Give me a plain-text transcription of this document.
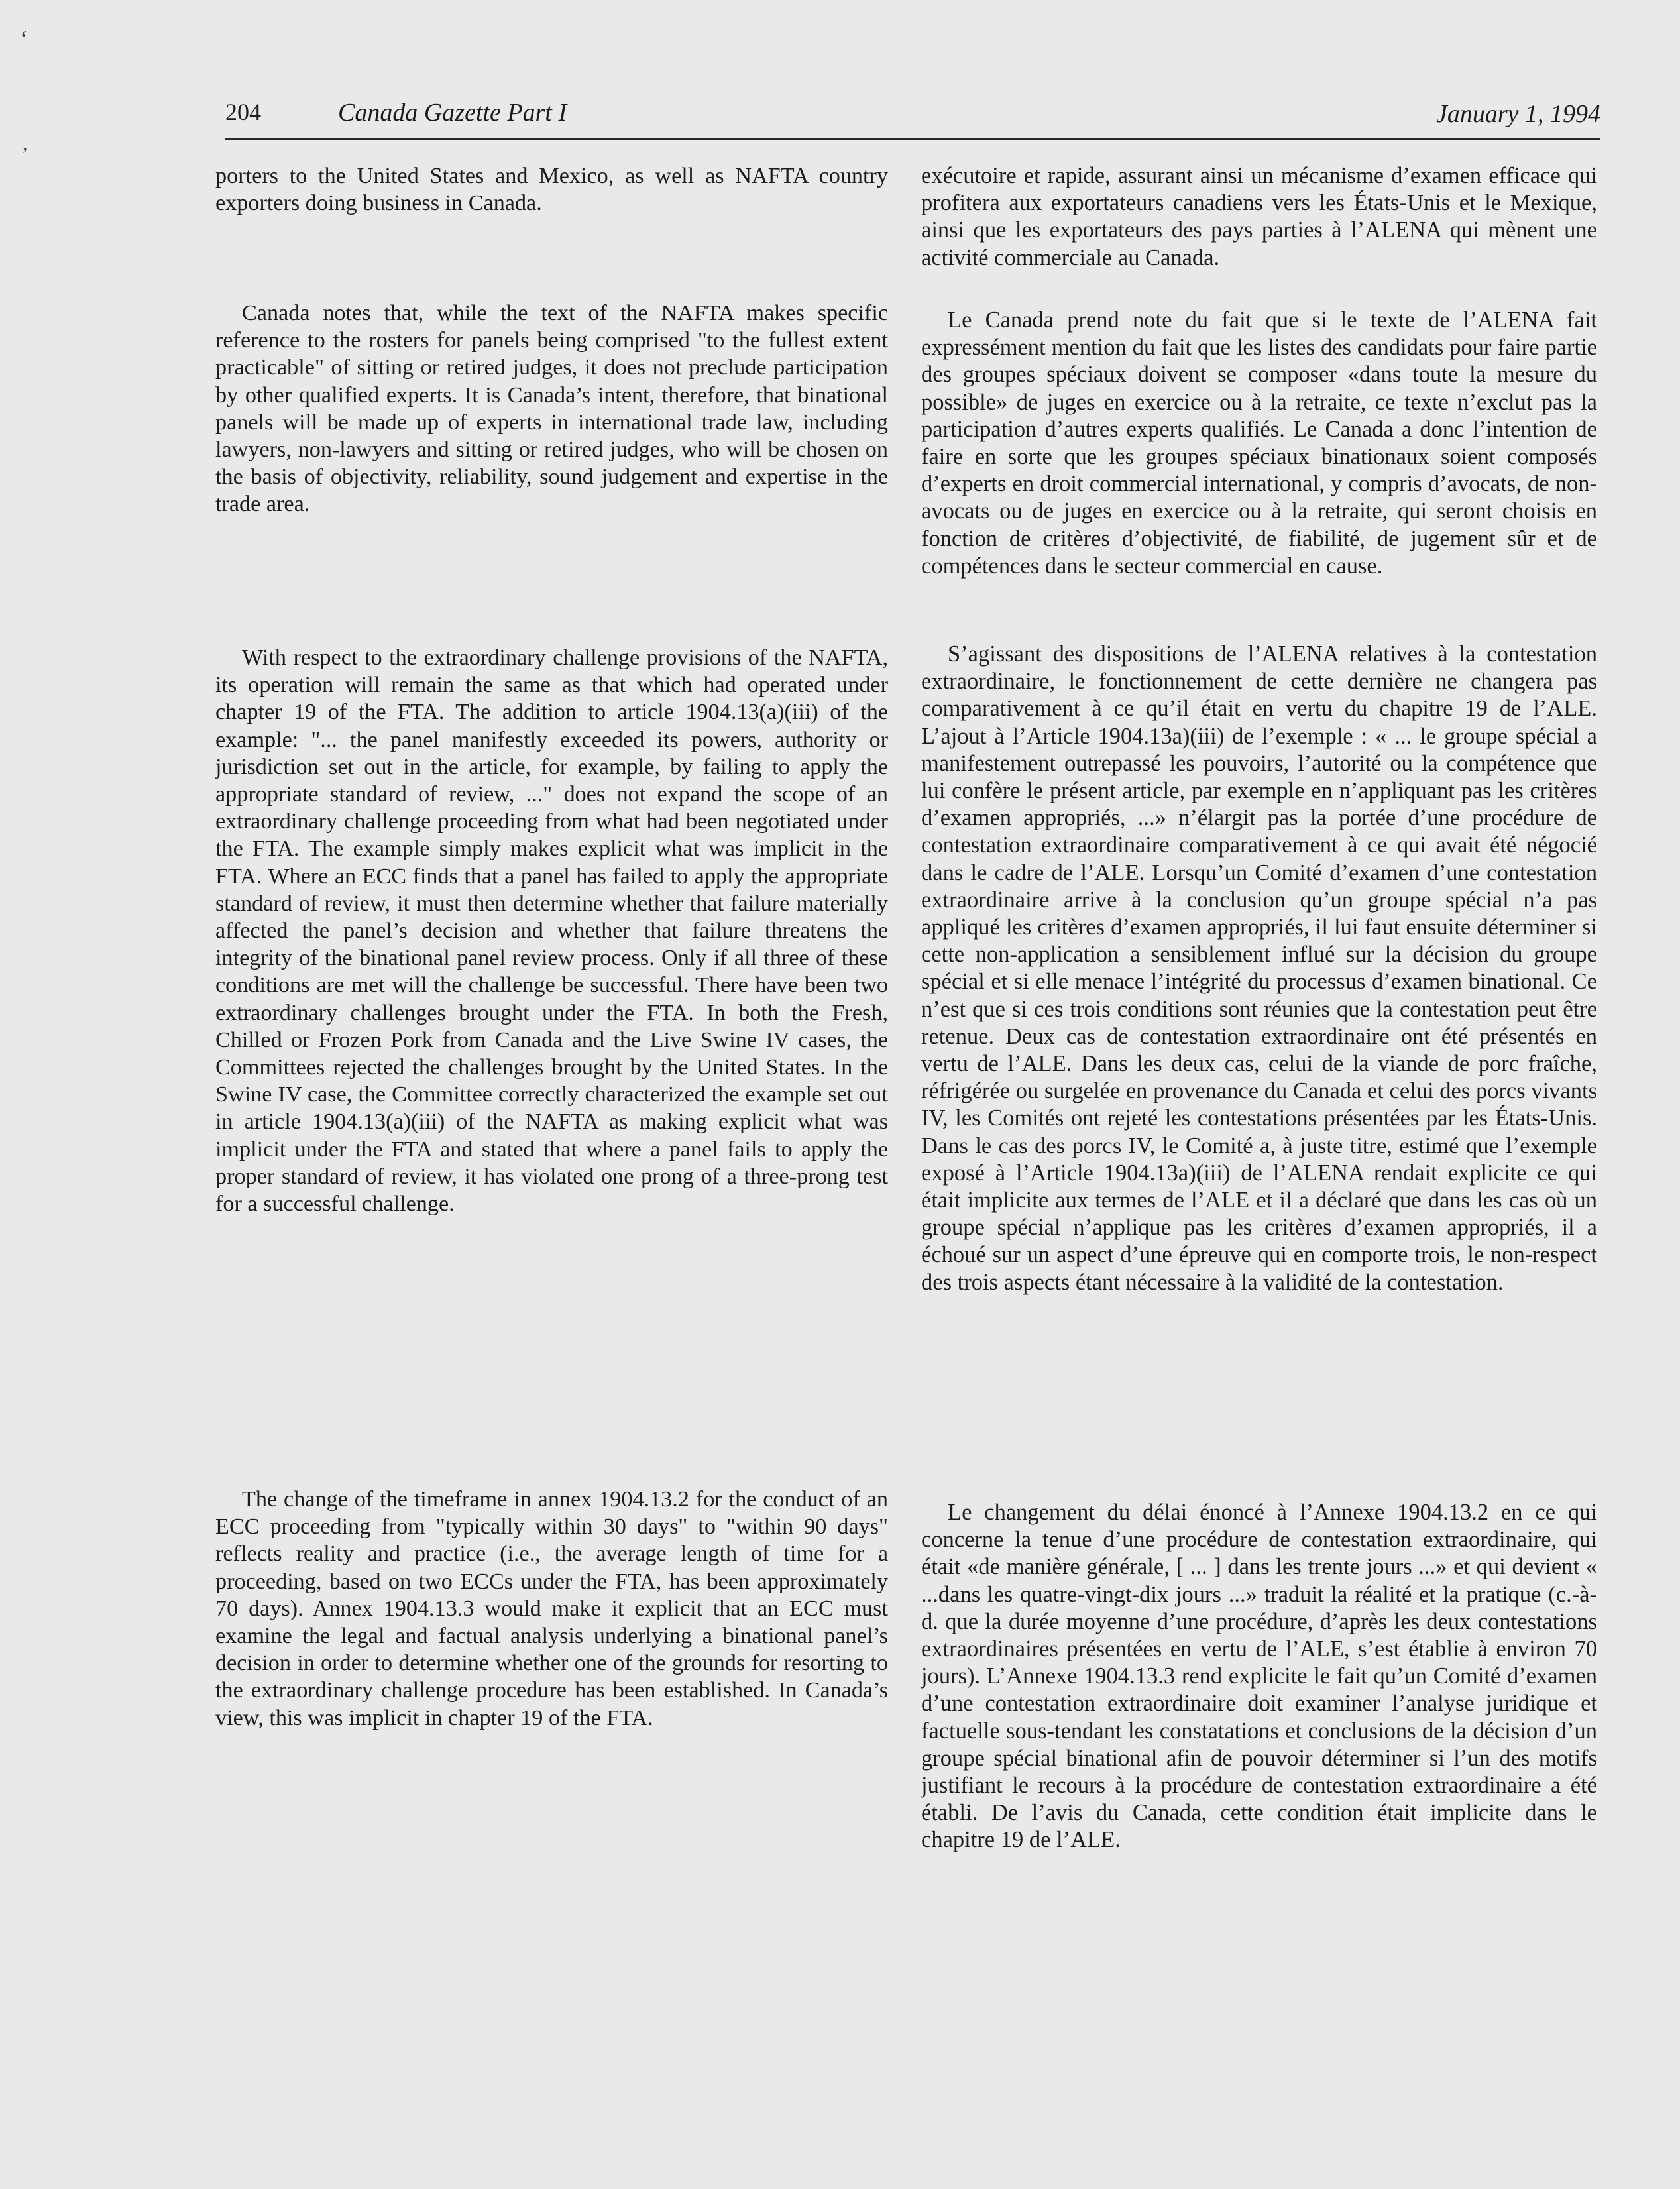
‘
,
204	Canada Gazette Part I	January 1, 1994

porters to the United States and Mexico, as well as NAFTA country exporters doing business in Canada.

Canada notes that, while the text of the NAFTA makes specific reference to the rosters for panels being comprised "to the fullest extent practicable" of sitting or retired judges, it does not preclude participation by other qualified experts. It is Canada’s intent, therefore, that binational panels will be made up of experts in international trade law, including lawyers, non-lawyers and sitting or retired judges, who will be chosen on the basis of objectivity, reliability, sound judgement and expertise in the trade area.

With respect to the extraordinary challenge provisions of the NAFTA, its operation will remain the same as that which had operated under chapter 19 of the FTA. The addition to article 1904.13(a)(iii) of the example: "... the panel manifestly exceeded its powers, authority or jurisdiction set out in the article, for example, by failing to apply the appropriate standard of review, ..." does not expand the scope of an extraordinary challenge proceeding from what had been negotiated under the FTA. The example simply makes explicit what was implicit in the FTA. Where an ECC finds that a panel has failed to apply the appropriate standard of review, it must then determine whether that failure materially affected the panel’s decision and whether that failure threatens the integrity of the binational panel review process. Only if all three of these conditions are met will the challenge be successful. There have been two extraordinary challenges brought under the FTA. In both the Fresh, Chilled or Frozen Pork from Canada and the Live Swine IV cases, the Committees rejected the challenges brought by the United States. In the Swine IV case, the Committee correctly characterized the example set out in article 1904.13(a)(iii) of the NAFTA as making explicit what was implicit under the FTA and stated that where a panel fails to apply the proper standard of review, it has violated one prong of a three-prong test for a successful challenge.

The change of the timeframe in annex 1904.13.2 for the conduct of an ECC proceeding from "typically within 30 days" to "within 90 days" reflects reality and practice (i.e., the average length of time for a proceeding, based on two ECCs under the FTA, has been approximately 70 days). Annex 1904.13.3 would make it explicit that an ECC must examine the legal and factual analysis underlying a binational panel’s decision in order to determine whether one of the grounds for resorting to the extraordinary challenge procedure has been established. In Canada’s view, this was implicit in chapter 19 of the FTA.

exécutoire et rapide, assurant ainsi un mécanisme d’examen efficace qui profitera aux exportateurs canadiens vers les États-Unis et le Mexique, ainsi que les exportateurs des pays parties à l’ALENA qui mènent une activité commerciale au Canada.

Le Canada prend note du fait que si le texte de l’ALENA fait expressément mention du fait que les listes des candidats pour faire partie des groupes spéciaux doivent se composer «dans toute la mesure du possible» de juges en exercice ou à la retraite, ce texte n’exclut pas la participation d’autres experts qualifiés. Le Canada a donc l’intention de faire en sorte que les groupes spéciaux binationaux soient composés d’experts en droit commercial international, y compris d’avocats, de non-avocats ou de juges en exercice ou à la retraite, qui seront choisis en fonction de critères d’objectivité, de fiabilité, de jugement sûr et de compétences dans le secteur commercial en cause.

S’agissant des dispositions de l’ALENA relatives à la contestation extraordinaire, le fonctionnement de cette dernière ne changera pas comparativement à ce qu’il était en vertu du chapitre 19 de l’ALE. L’ajout à l’Article 1904.13a)(iii) de l’exemple : « ... le groupe spécial a manifestement outrepassé les pouvoirs, l’autorité ou la compétence que lui confère le présent article, par exemple en n’appliquant pas les critères d’examen appropriés, ...» n’élargit pas la portée d’une procédure de contestation extraordinaire comparativement à ce qui avait été négocié dans le cadre de l’ALE. Lorsqu’un Comité d’examen d’une contestation extraordinaire arrive à la conclusion qu’un groupe spécial n’a pas appliqué les critères d’examen appropriés, il lui faut ensuite déterminer si cette non-application a sensiblement influé sur la décision du groupe spécial et si elle menace l’intégrité du processus d’examen binational. Ce n’est que si ces trois conditions sont réunies que la contestation peut être retenue. Deux cas de contestation extraordinaire ont été présentés en vertu de l’ALE. Dans les deux cas, celui de la viande de porc fraîche, réfrigérée ou surgelée en provenance du Canada et celui des porcs vivants IV, les Comités ont rejeté les contestations présentées par les États-Unis. Dans le cas des porcs IV, le Comité a, à juste titre, estimé que l’exemple exposé à l’Article 1904.13a)(iii) de l’ALENA rendait explicite ce qui était implicite aux termes de l’ALE et il a déclaré que dans les cas où un groupe spécial n’applique pas les critères d’examen appropriés, il a échoué sur un aspect d’une épreuve qui en comporte trois, le non-respect des trois aspects étant nécessaire à la validité de la contestation.

Le changement du délai énoncé à l’Annexe 1904.13.2 en ce qui concerne la tenue d’une procédure de contestation extraordinaire, qui était «de manière générale, [ ... ] dans les trente jours ...» et qui devient « ...dans les quatre-vingt-dix jours ...» traduit la réalité et la pratique (c.-à-d. que la durée moyenne d’une procédure, d’après les deux contestations extraordinaires présentées en vertu de l’ALE, s’est établie à environ 70 jours). L’Annexe 1904.13.3 rend explicite le fait qu’un Comité d’examen d’une contestation extraordinaire doit examiner l’analyse juridique et factuelle sous-tendant les constatations et conclusions de la décision d’un groupe spécial binational afin de pouvoir déterminer si l’un des motifs justifiant le recours à la procédure de contestation extraordinaire a été établi. De l’avis du Canada, cette condition était implicite dans le chapitre 19 de l’ALE.
